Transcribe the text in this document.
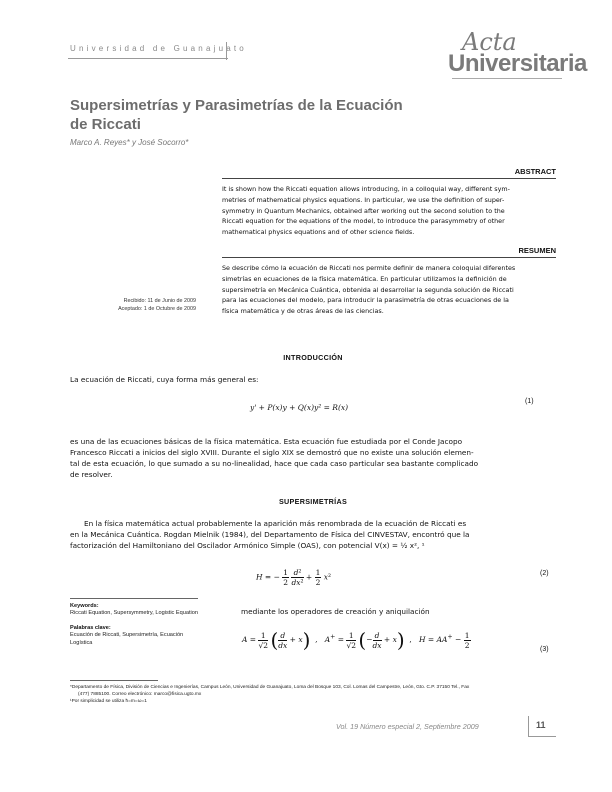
Universidad de Guanajuato	Acta
Universitaria
Supersimetrías y Parasimetrías de la Ecuación
de Riccati
Marco A. Reyes* y José Socorro*
ABSTRACT
It is shown how the Riccati equation allows introducing, in a colloquial way, different sym-
metries of mathematical physics equations. In particular, we use the definition of super-
symmetry in Quantum Mechanics, obtained after working out the second solution to the
Riccati equation for the equations of the model, to introduce the parasymmetry of other
mathematical physics equations and of other science fields.
RESUMEN
Se describe cómo la ecuación de Riccati nos permite definir de manera coloquial diferentes
simetrías en ecuaciones de la física matemática. En particular utilizamos la definición de
supersimetría en Mecánica Cuántica, obtenida al desarrollar la segunda solución de Riccati
para las ecuaciones del modelo, para introducir la parasimetría de otras ecuaciones de la
física matemática y de otras áreas de las ciencias.
Recibido: 11 de Junio de 2009
Aceptado: 1 de Octubre de 2009
INTRODUCCIÓN
La ecuación de Riccati, cuya forma más general es:
y' + P(x)y + Q(x)y² = R(x)
(1)
es una de las ecuaciones básicas de la física matemática. Esta ecuación fue estudiada por el Conde Jacopo
Francesco Riccati a inicios del siglo XVIII. Durante el siglo XIX se demostró que no existe una solución elemen-
tal de esta ecuación, lo que sumado a su no-linealidad, hace que cada caso particular sea bastante complicado
de resolver.
SUPERSIMETRÍAS
En la física matemática actual probablemente la aparición más renombrada de la ecuación de Riccati es
en la Mecánica Cuántica. Rogdan Mielnik (1984), del Departamento de Física del CINVESTAV, encontró que la
factorización del Hamiltoniano del Oscilador Armónico Simple (OAS), con potencial V(x) = ½ x², ¹
H = − $\frac{1}{2}$
$\frac{\text{d²}}{\text{dx²}} + \frac{1}{2} x^2$	(2)
Keywords:
Riccati Equation, Supersymmetry, Logistic Equation
Palabras clave:
Ecuación de Riccati, Supersimetría, Ecuación Logística
mediante los operadores de creación y aniquilación
$A = \frac{1}{√2}$ ( $\frac{d}{dx} + x$)  ,   $A^+ = \frac{1}{√2}$ (− $\frac{d}{dx} + x$)  ,   $H = AA^+ - \frac{1}{2}$	(3)
*Departamento de Física, División de Ciencias e Ingenierías, Campus León, Universidad de Guanajuato, Loma del Bosque 103, Col. Lomas del Campestre, León, Gto. C.P. 37150 Tel., Fax
(477) 7885100. Correo electrónico: marco@fisica.ugto.mx
¹Por simplicidad se utiliza ħ=m=ω=1
Vol. 19 Número especial 2, Septiembre 2009	11
